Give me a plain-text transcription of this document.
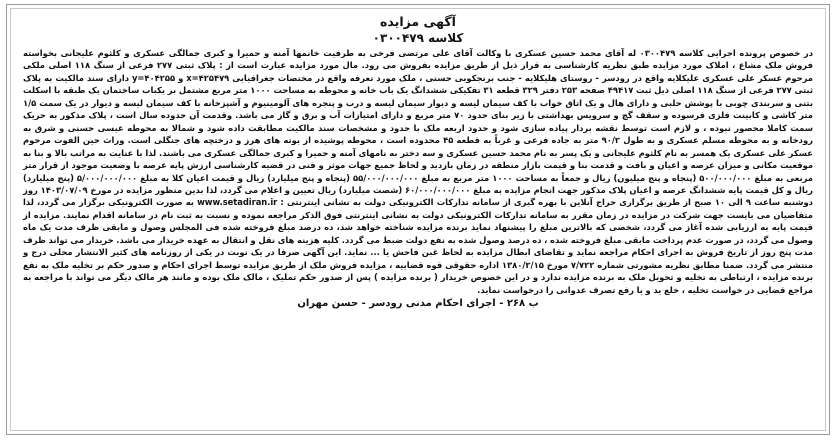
آگهی مزایده

کلاسه ۰۳۰۰۴۷۹

در خصوص پرونده اجرایی کلاسه ۰۳۰۰۴۷۹ له آقای محمد حسین عسکری با وکالت آقای علی مرتضی فرخی به طرفیت خانمها آمنه و حمیرا و کبری جمالگی عسکری و کلثوم علیجانی بخواسته فروش ملک مشاع ، املاک مورد مزایده طبق نظریه کارشناسی به قرار ذیل از طریق مزایده بفروش می رود. مال مورد مزایده عبارت است از : پلاک ثبتی ۲۷۷ فرعی از سنگ ۱۱۸ اصلی ملکی مرحوم عسکر علی عسکری علیکلایه واقع در رودسر - روستای هلیکلایه - جنب برنجکوبی حسنی ، ملک مورد تعرفه واقع در مختصات جغرافیایی x=۴۲۵۴۷۹ و y=۴۰۴۲۵۵ دارای سند مالکیت به پلاک ثبتی ۲۷۷ فرعی از سنگ ۱۱۸ اصلی ذیل ثبت ۴۹۴۱۷ صفحه ۲۵۳ دفتر ۳۲۹ قطعه ۳۱ تفکیکی ششدانگ یک باب خانه و محوطه به مساحت ۱۰۰۰ متر مربع مشتمل بر یکباب ساختمان یک طبقه با اسکلت بتنی و سربندی چوبی با پوشش حلبی و دارای هال و یک اتاق خواب با کف سیمان لیسه و دیوار سیمان لیسه و درب و پنجره های آلومینیوم و آشپزخانه با کف سیمان لیسه و دیوار در یک سمت ۱/۵ متر کاشی و کابینت فلزی فرسوده و سقف گچ و سرویس بهداشتی با زیر بنای حدود ۷۰ متر مربع و دارای امتیازات آب و برق و گاز می باشد. وقدمت آن حدوده سال است ، پلاک مذکور به حریک سمت کاملا محصور نبوده ، و لازم است توسط نقشه بردار پیاده سازی شود و حدود اربعه ملک با حدود و مشخصات سند مالکیت مطابقت داده شود و شمالا به محوطه عیسی حسنی و شرق به رودخانه و به محوطه مسلم عسکری و به طول ۹۰/۲ متر به جاده فرعی و غرباً به قطعه ۴۵ محدوده است ، محوطه پوشیده از بوته های هرز و درختچه های جنگلی است. وراث حین الفوت مرحوم عسکر علی عسکری یک همسر به نام کلثوم علیجانی و یک پسر به نام محمد حسین عسکری و سه دختر به نامهای آمنه و حمیرا و کبری جمالگی عسکری می باشند. لذا با عنایت به مراتب بالا و بنا به موقعیت مکانی و میزان عرصه و اعیان و بافت و قدمت بنا و قیمت بازار منطقه در زمان بازدید و لحاظ جمیع جهات موثر و فنی در قضیه کارشناسی ارزش پایه عرصه با وضعیت موجود از قرار متر مربعی به مبلغ ۵۰۰/۰۰۰/۰۰۰ (پنجاه و پنج میلیون) ریال و جمعاً به مساحت ۱۰۰۰ متر مربع به مبلغ ۵۵/۰۰۰/۰۰۰/۰۰۰ (پنجاه و پنج میلیارد) ریال و قیمت اعیان کلا به مبلغ ۵/۰۰۰/۰۰۰/۰۰۰ (پنج میلیارد) ریال و کل قیمت پایه ششدانگ عرصه و اعیان پلاک مذکور جهت انجام مزایده به مبلغ ۶۰/۰۰۰/۰۰۰/۰۰۰ (شصت میلیارد) ریال تعیین و اعلام می گردد، لذا بدین منظور مزایده در مورخ ۱۴۰۳/۰۷/۰۹ روز دوشنبه ساعت ۹ الی ۱۰ صبح از طریق برگزاری حراج آنلاین با بهره گیری از سامانه تدارکات الکترونیکی دولت به نشانی اینترنتی : www.setadiran.ir به صورت الکترونیکی برگزار می گردد، لذا متقاضیان می بایست جهت شرکت در مزایده در زمان مقرر به سامانه تدارکات الکترونیکی دولت به نشانی اینترنتی فوق الذکر مراجعه نموده و نسبت به ثبت نام در سامانه اقدام نمایند. مزایده از قیمت پایه به ارزیابی شده آغاز می گردد، شخصی که بالاترین مبلغ را پیشنهاد نماید برنده مزایده شناخته خواهد شد، ده درصد مبلغ فروخته شده فی المجلس وصول و مابقی ظرف مدت یک ماه وصول می گردد، در صورت عدم پرداخت مابقی مبلغ فروخته شده ، ده درصد وصول شده به نفع دولت ضبط می گردد. کلیه هزینه های نقل و انتقال به عهده خریدار می باشد. خریدار می تواند ظرف مدت پنج روز از تاریخ فروش به اجرای احکام مراجعه نماید و تقاضای ابطال مزایده به لحاظ غبن فاحش یا ... نماید. این آگهی صرفا در یک نوبت در یکی از روزنامه های کثیر الانتشار محلی درج و منتشر می گردد. ضمنا مطابق نظریه مشورتی شماره ۷/۷۲۲ مورخ ۱۳۸۰/۲/۱۵ اداره حقوقی قوه قضاییه ، مزایده فروش ملک از طریق مزایده توسط اجرای احکام و صدور حکم بر تخلیه ملک به نفع برنده مزایده ، ارتباطی به تخلیه و تحویل ملک به برنده مزایده ندارد و در این خصوص خریدار ( برنده مزایده ) پس از صدور حکم تملیک ، مالک ملک بوده و مانند هر مالک دیگر می تواند با مراجعه به مراجع قضایی در خواست تخلیه ، خلع ید و یا رفع تصرف عدوانی را درخواست نماید.

ب ۲۶۸ - اجرای احکام مدنی رودسر - حسن مهران
